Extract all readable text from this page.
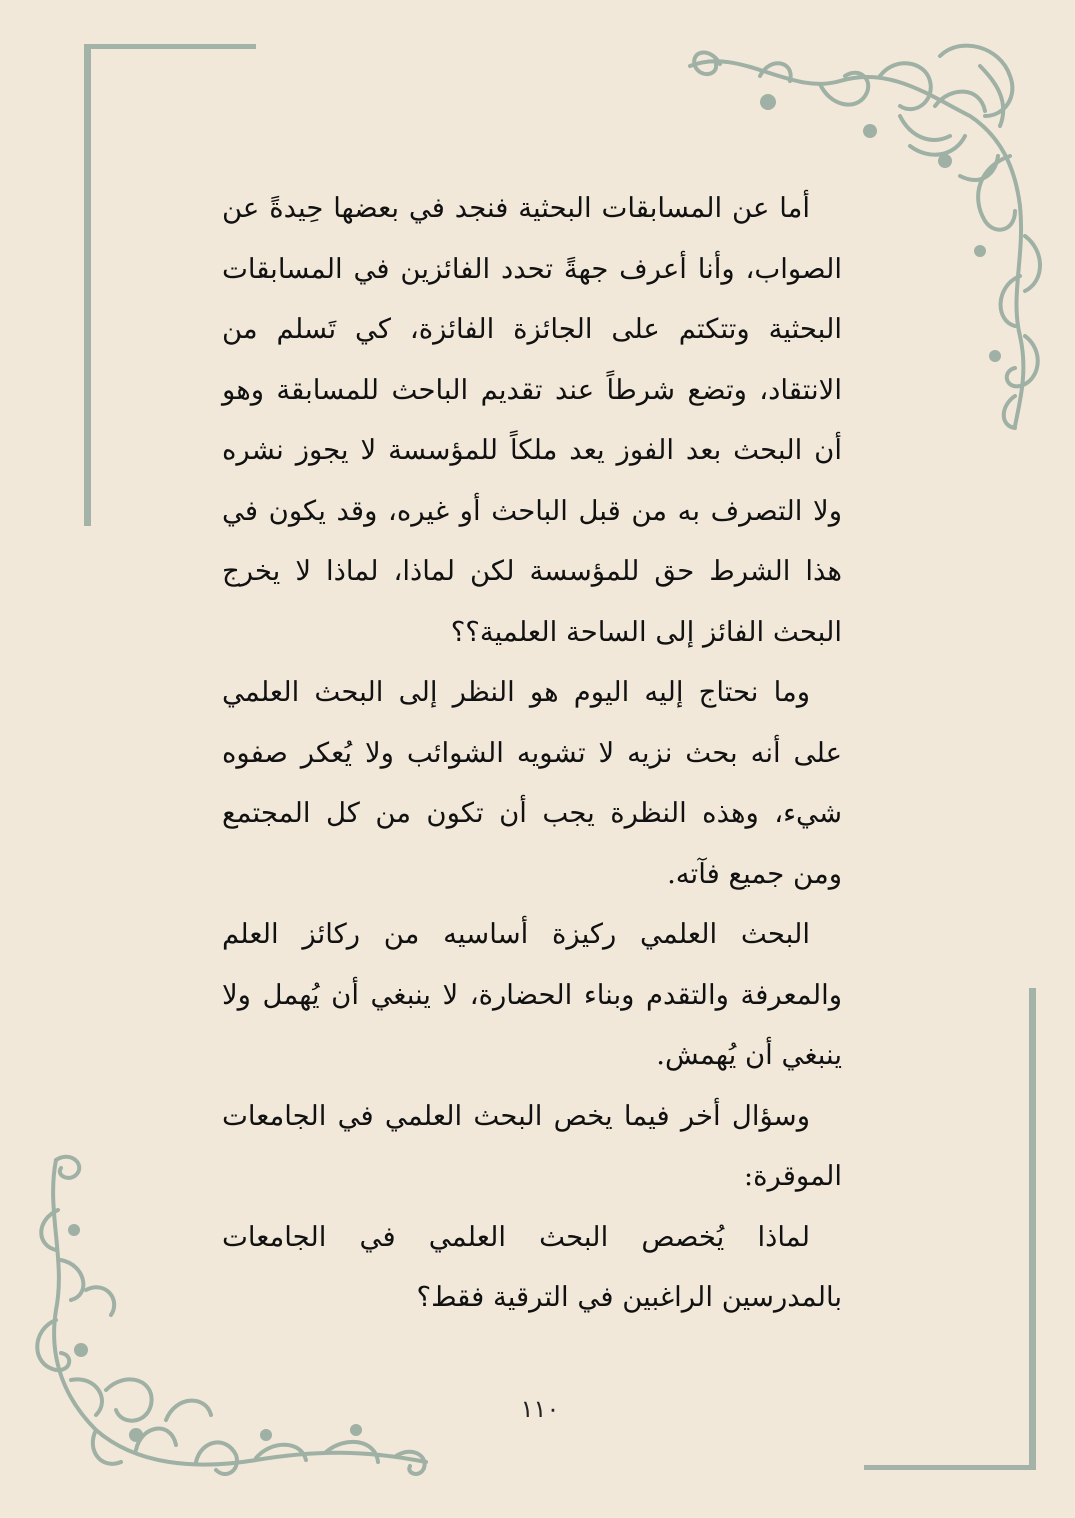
أما عن المسابقات البحثية فنجد في بعضها حِيدةً عن الصواب، وأنا أعرف جهةً تحدد الفائزين في المسابقات البحثية وتتكتم على الجائزة الفائزة، كي تَسلم من الانتقاد، وتضع شرطاً عند تقديم الباحث للمسابقة وهو أن البحث بعد الفوز يعد ملكاً للمؤسسة لا يجوز نشره ولا التصرف به من قبل الباحث أو غيره، وقد يكون في هذا الشرط حق للمؤسسة لكن لماذا، لماذا لا يخرج البحث الفائز إلى الساحة العلمية؟؟

وما نحتاج إليه اليوم هو النظر إلى البحث العلمي على أنه بحث نزيه لا تشويه الشوائب ولا يُعكر صفوه شيء، وهذه النظرة يجب أن تكون من كل المجتمع ومن جميع فآته.

البحث العلمي ركيزة أساسيه من ركائز العلم والمعرفة والتقدم وبناء الحضارة، لا ينبغي أن يُهمل ولا ينبغي أن يُهمش.

وسؤال أخر فيما يخص البحث العلمي في الجامعات الموقرة:

لماذا يُخصص البحث العلمي في الجامعات بالمدرسين الراغبين في الترقية فقط؟

١١٠
